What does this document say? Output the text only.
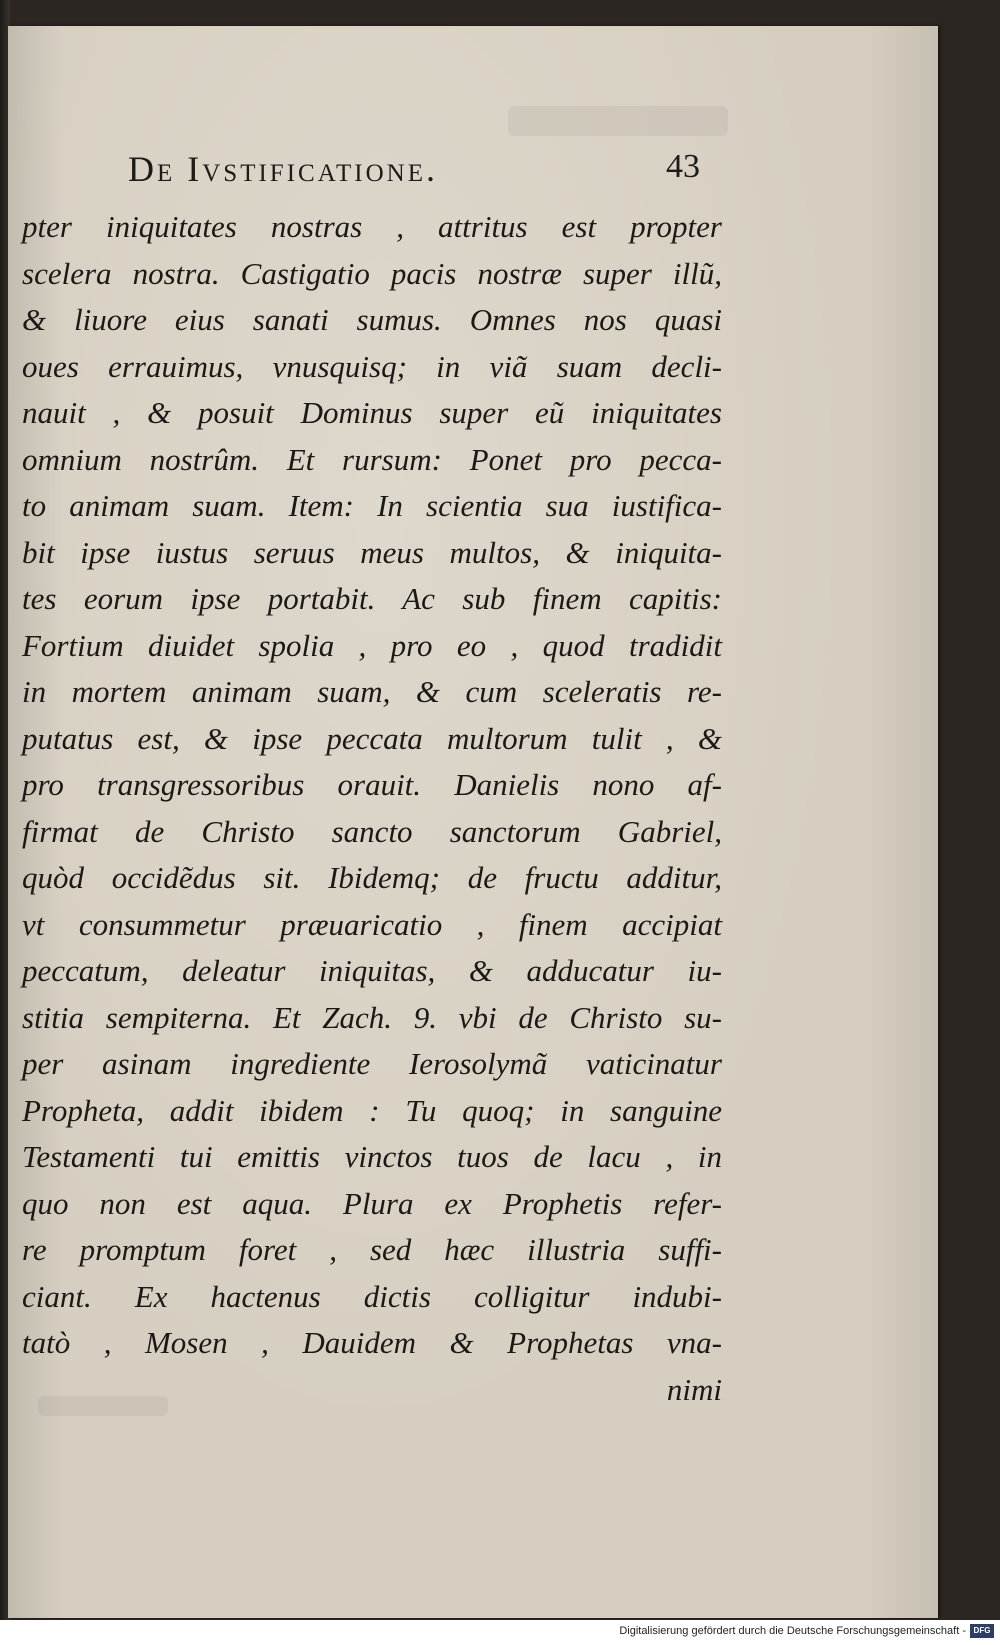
De Ivstificatione.	43
pter iniquitates nostras , attritus est propter
scelera nostra. Castigatio pacis nostræ super illũ,
& liuore eius sanati sumus. Omnes nos quasi
oues errauimus, vnusquisq; in viã suam decli-
nauit , & posuit Dominus super eũ iniquitates
omnium nostrûm. Et rursum: Ponet pro pecca-
to animam suam. Item: In scientia sua iustifica-
bit ipse iustus seruus meus multos, & iniquita-
tes eorum ipse portabit. Ac sub finem capitis:
Fortium diuidet spolia , pro eo , quod tradidit
in mortem animam suam, & cum sceleratis re-
putatus est, & ipse peccata multorum tulit , &
pro transgressoribus orauit. Danielis nono af-
firmat de Christo sancto sanctorum Gabriel,
quòd occidẽdus sit. Ibidemq; de fructu additur,
vt consummetur præuaricatio , finem accipiat
peccatum, deleatur iniquitas, & adducatur iu-
stitia sempiterna. Et Zach. 9. vbi de Christo su-
per asinam ingrediente Ierosolymã vaticinatur
Propheta, addit ibidem : Tu quoq; in sanguine
Testamenti tui emittis vinctos tuos de lacu , in
quo non est aqua. Plura ex Prophetis refer-
re promptum foret , sed hæc illustria suffi-
ciant. Ex hactenus dictis colligitur indubi-
tatò , Mosen , Dauidem & Prophetas vna-
nimi
Digitalisierung gefördert durch die Deutsche Forschungsgemeinschaft - DFG
